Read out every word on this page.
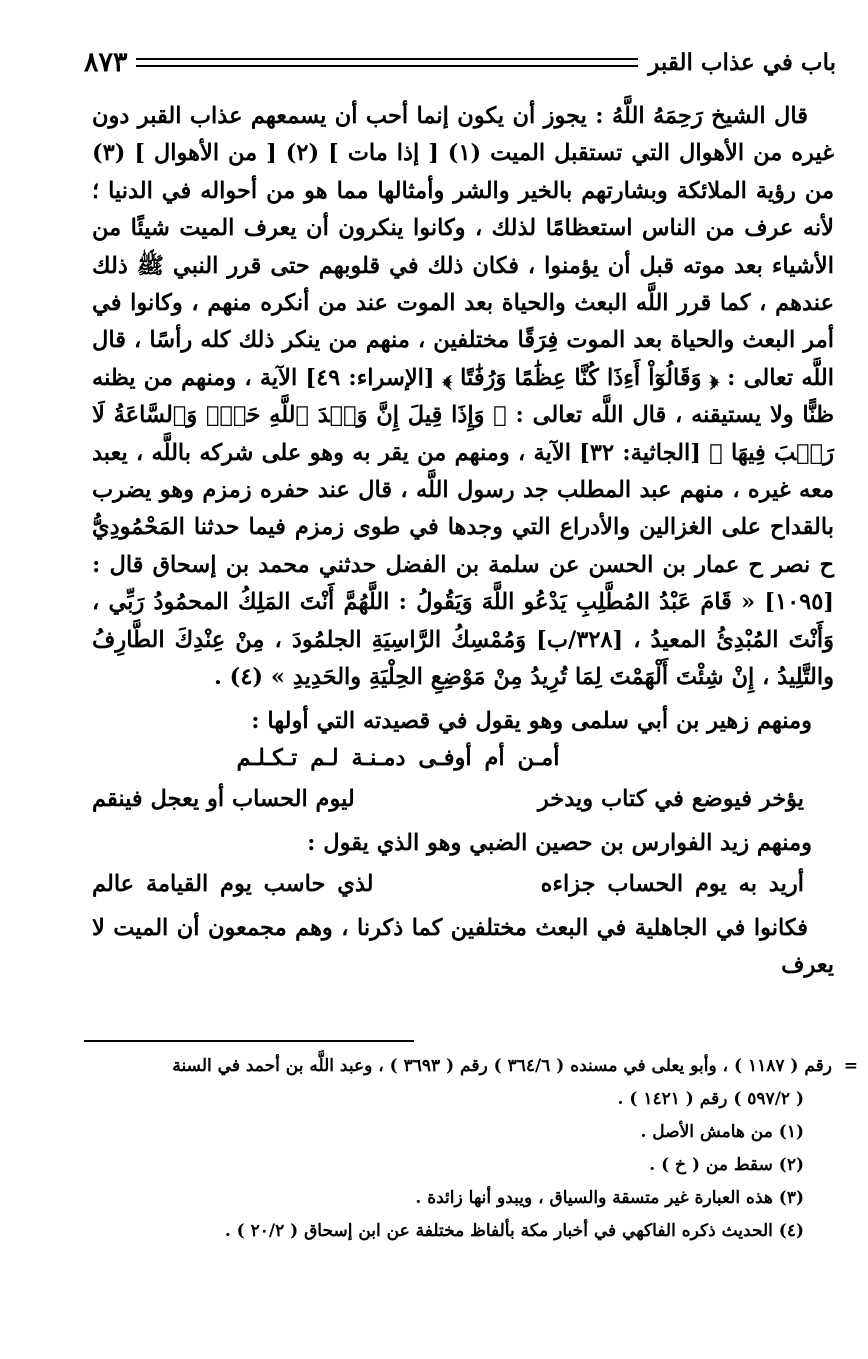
باب في عذاب القبر
٨٧٣

قال الشيخ رَحِمَهُ اللَّهُ : يجوز أن يكون إنما أحب أن يسمعهم عذاب القبر دون غيره من الأهوال التي تستقبل الميت (١) [ إذا مات ] (٢) [ من الأهوال ] (٣) من رؤية الملائكة وبشارتهم بالخير والشر وأمثالها مما هو من أحواله في الدنيا ؛ لأنه عرف من الناس استعظامًا لذلك ، وكانوا ينكرون أن يعرف الميت شيئًا من الأشياء بعد موته قبل أن يؤمنوا ، فكان ذلك في قلوبهم حتى قرر النبي ﷺ ذلك عندهم ، كما قرر اللَّه البعث والحياة بعد الموت عند من أنكره منهم ، وكانوا في أمر البعث والحياة بعد الموت فِرَقًا مختلفين ، منهم من ينكر ذلك كله رأسًا ، قال اللَّه تعالى : ﴿ وَقَالُوٓاْ أَءِذَا كُنَّا عِظَٰمًا وَرُفَٰتًا ﴾ [الإسراء: ٤٩] الآية ، ومنهم من يظنه ظنًّا ولا يستيقنه ، قال اللَّه تعالى : ﴿ وَإِذَا قِيلَ إِنَّ وَعۡدَ ٱللَّهِ حَقّٞ وَٱلسَّاعَةُ لَا رَيۡبَ فِيهَا ﴾ [الجاثية: ٣٢] الآية ، ومنهم من يقر به وهو على شركه باللَّه ، يعبد معه غيره ، منهم عبد المطلب جد رسول اللَّه ، قال عند حفره زمزم وهو يضرب بالقداح على الغزالين والأدراع التي وجدها في طوى زمزم فيما حدثنا المَحْمُودِيُّ ح نصر ح عمار بن الحسن عن سلمة بن الفضل حدثني محمد بن إسحاق قال : [١٠٩٥] « قَامَ عَبْدُ المُطَّلِبِ يَدْعُو اللَّهَ وَيَقُولُ : اللَّهُمَّ أَنْتَ المَلِكُ المحمُودُ رَبِّي ، وَأَنْتَ المُبْدِئُ المعيدُ ، [٣٢٨/ب] وَمُمْسِكُ الرَّاسِيَةِ الجلمُودَ ، مِنْ عِنْدِكَ الطَّارِفُ والتَّلِيدُ ، إِنْ شِئْتَ أَلْهَمْتَ لِمَا تُرِيدُ مِنْ مَوْضِعِ الحِلْيَةِ والحَدِيدِ » (٤) .

ومنهم زهير بن أبي سلمى وهو يقول في قصيدته التي أولها :

أمـن أم أوفـى دمـنـة لـم تـكـلـم

يؤخر فيوضع في كتاب ويدخر
ليوم الحساب أو يعجل فينقم

ومنهم زيد الفوارس بن حصين الضبي وهو الذي يقول :

أريد به يوم الحساب جزاءه
لذي حاسب يوم القيامة عالم

فكانوا في الجاهلية في البعث مختلفين كما ذكرنا ، وهم مجمعون أن الميت لا يعرف

=
رقم ( ١١٨٧ ) ، وأبو يعلى في مسنده ( ٣٦٤/٦ ) رقم ( ٣٦٩٣ ) ، وعبد اللَّه بن أحمد في السنة

( ٥٩٧/٢ ) رقم ( ١٤٢١ ) .

(١) من هامش الأصل .

(٢) سقط من ( خ ) .

(٣) هذه العبارة غير متسقة والسياق ، ويبدو أنها زائدة .

(٤) الحديث ذكره الفاكهي في أخبار مكة بألفاظ مختلفة عن ابن إسحاق ( ٢٠/٢ ) .
